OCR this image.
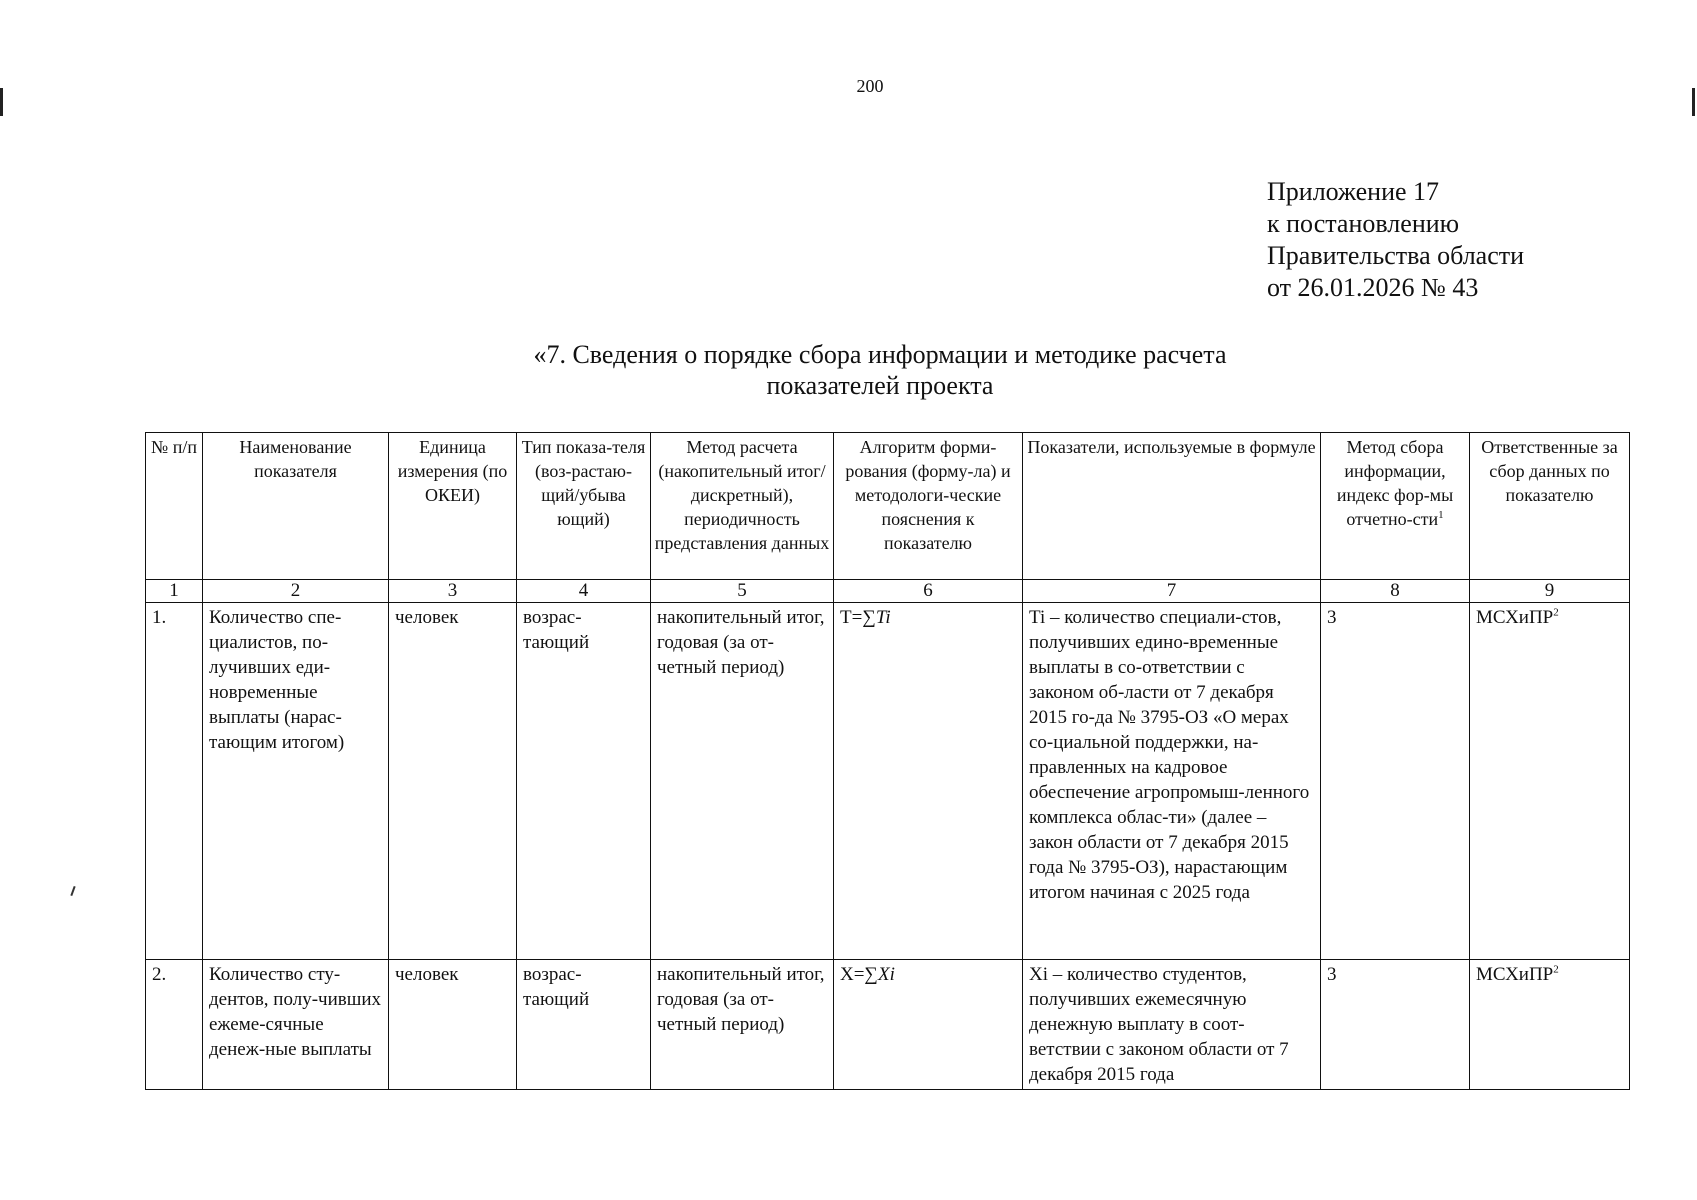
200
Приложение 17
к постановлению
Правительства области
от 26.01.2026 № 43
«7. Сведения о порядке сбора информации и методике расчета
показателей проекта
№ п/п	Наименование показателя	Единица измерения (по ОКЕИ)	Тип показа-теля (воз-растаю-щий/убыва ющий)	Метод расчета (накопительный итог/дискретный), периодичность представления данных	Алгоритм форми-рования (форму-ла) и методологи-ческие пояснения к показателю	Показатели, используемые в формуле	Метод сбора информации, индекс фор-мы отчетно-сти$^1$	Ответственные за сбор данных по показателю
1	2	3	4	5	6	7	8	9
1.	Количество спе-циалистов, по-лучивших еди-новременные выплаты (нарас-тающим итогом)	человек	возрас-тающий	накопительный итог, годовая (за от-четный период)	Т=∑Ti	Ti – количество специали-стов, получивших едино-временные выплаты в со-ответствии с законом об-ласти от 7 декабря 2015 го-да № 3795-ОЗ «О мерах со-циальной поддержки, на-правленных на кадровое обеспечение агропромыш-ленного комплекса облас-ти» (далее – закон области от 7 декабря 2015 года № 3795-ОЗ), нарастающим итогом начиная с 2025 года	3	МСХиПР$^2$
2.	Количество сту-дентов, полу-чивших ежеме-сячные денеж-ные выплаты	человек	возрас-тающий	накопительный итог, годовая (за от-четный период)	X=∑Xi	Xi – количество студентов, получивших ежемесячную денежную выплату в соот-ветствии с законом области от 7 декабря 2015 года	3	МСХиПР$^2$
